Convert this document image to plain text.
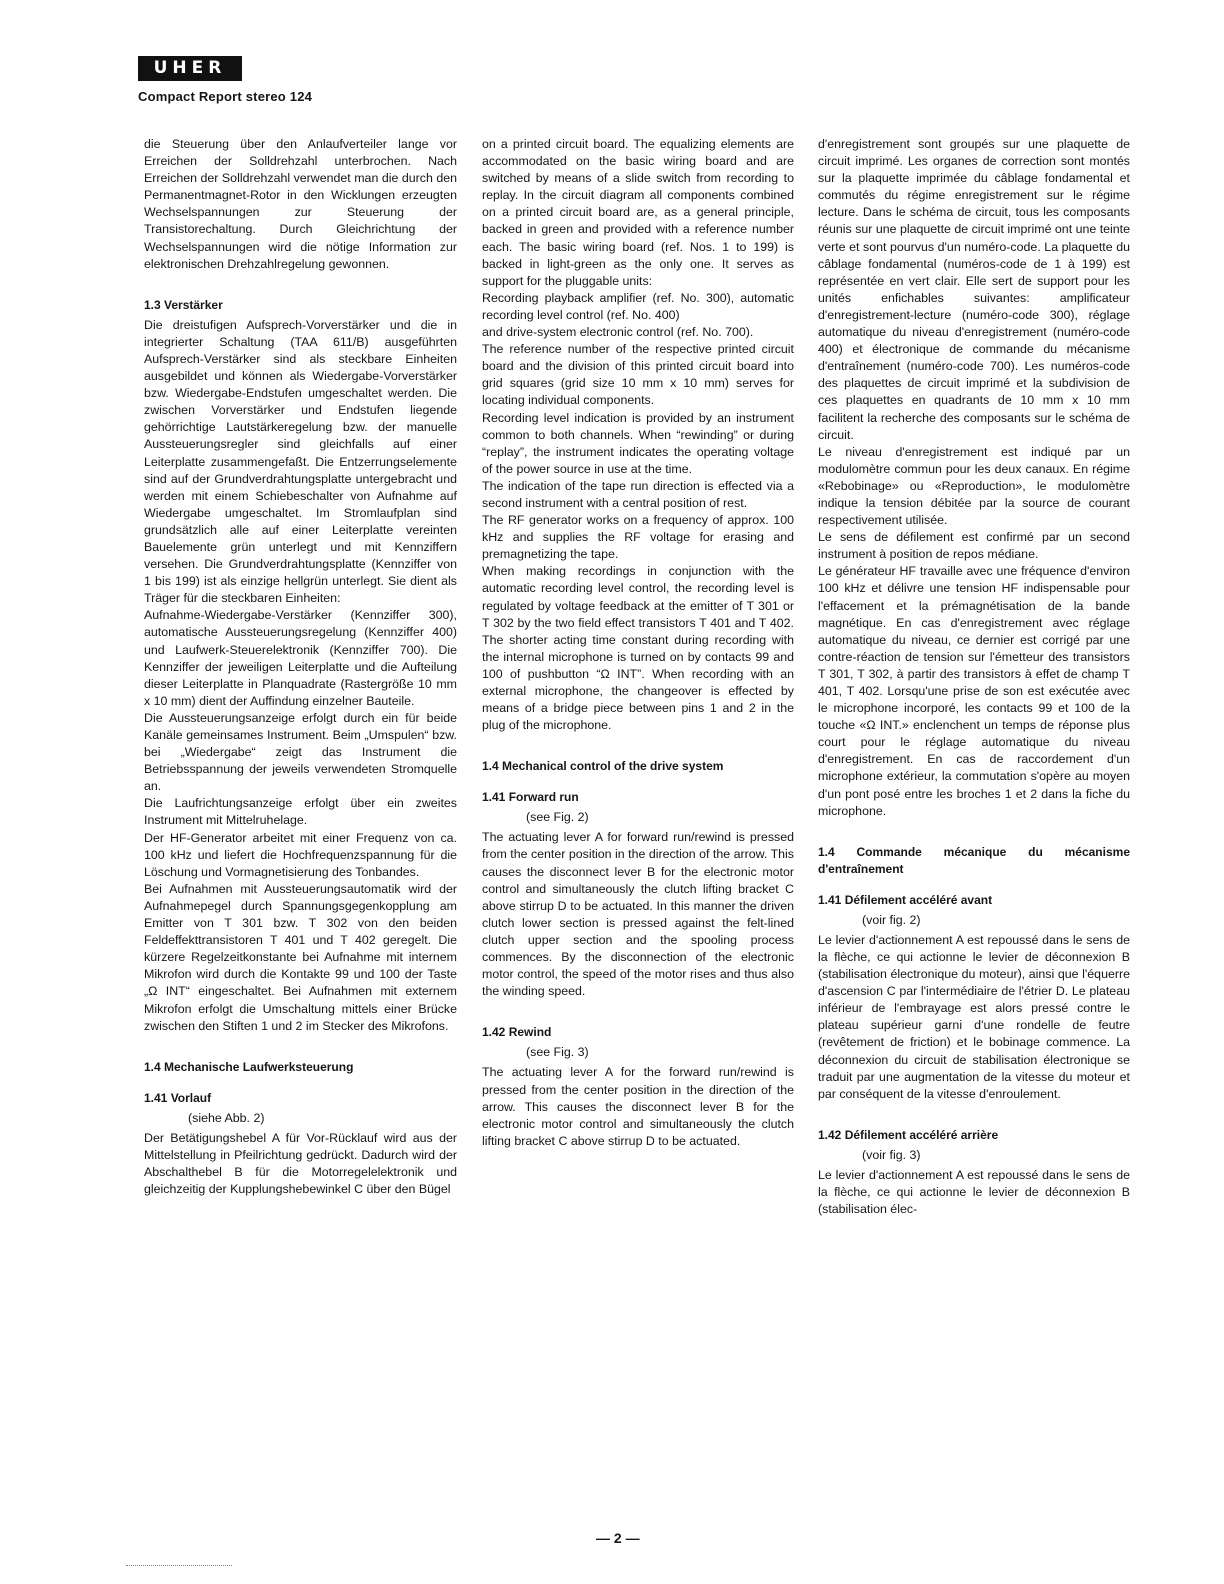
UHER
Compact Report stereo 124

die Steuerung über den Anlaufverteiler lange vor Erreichen der Solldrehzahl unterbrochen. Nach Erreichen der Solldrehzahl verwendet man die durch den Permanentmagnet-Rotor in den Wicklungen erzeugten Wechselspannungen zur Steuerung der Transistorechaltung. Durch Gleichrichtung der Wechselspannungen wird die nötige Information zur elektronischen Drehzahlregelung gewonnen.

1.3 Verstärker

Die dreistufigen Aufsprech-Vorverstärker und die in integrierter Schaltung (TAA 611/B) ausgeführten Aufsprech-Verstärker sind als steckbare Einheiten ausgebildet und können als Wiedergabe-Vorverstärker bzw. Wiedergabe-Endstufen umgeschaltet werden. Die zwischen Vorverstärker und Endstufen liegende gehörrichtige Lautstärkeregelung bzw. der manuelle Aussteuerungsregler sind gleichfalls auf einer Leiterplatte zusammengefaßt. Die Entzerrungselemente sind auf der Grundverdrahtungsplatte untergebracht und werden mit einem Schiebeschalter von Aufnahme auf Wiedergabe umgeschaltet. Im Stromlaufplan sind grundsätzlich alle auf einer Leiterplatte vereinten Bauelemente grün unterlegt und mit Kennziffern versehen. Die Grundverdrahtungsplatte (Kennziffer von 1 bis 199) ist als einzige hellgrün unterlegt. Sie dient als Träger für die steckbaren Einheiten:

Aufnahme-Wiedergabe-Verstärker (Kennziffer 300), automatische Aussteuerungsregelung (Kennziffer 400) und Laufwerk-Steuerelektronik (Kennziffer 700). Die Kennziffer der jeweiligen Leiterplatte und die Aufteilung dieser Leiterplatte in Planquadrate (Rastergröße 10 mm x 10 mm) dient der Auffindung einzelner Bauteile.

Die Aussteuerungsanzeige erfolgt durch ein für beide Kanäle gemeinsames Instrument. Beim „Umspulen“ bzw. bei „Wiedergabe“ zeigt das Instrument die Betriebsspannung der jeweils verwendeten Stromquelle an.

Die Laufrichtungsanzeige erfolgt über ein zweites Instrument mit Mittelruhelage.

Der HF-Generator arbeitet mit einer Frequenz von ca. 100 kHz und liefert die Hochfrequenzspannung für die Löschung und Vormagnetisierung des Tonbandes.

Bei Aufnahmen mit Aussteuerungsautomatik wird der Aufnahmepegel durch Spannungsgegenkopplung am Emitter von T 301 bzw. T 302 von den beiden Feldeffekttransistoren T 401 und T 402 geregelt. Die kürzere Regelzeitkonstante bei Aufnahme mit internem Mikrofon wird durch die Kontakte 99 und 100 der Taste „Ω INT“ eingeschaltet. Bei Aufnahmen mit externem Mikrofon erfolgt die Umschaltung mittels einer Brücke zwischen den Stiften 1 und 2 im Stecker des Mikrofons.

1.4 Mechanische Laufwerksteuerung
1.41 Vorlauf

(siehe Abb. 2)

Der Betätigungshebel A für Vor-Rücklauf wird aus der Mittelstellung in Pfeilrichtung gedrückt. Dadurch wird der Abschalthebel B für die Motorregelelektronik und gleichzeitig der Kupplungshebewinkel C über den Bügel

on a printed circuit board. The equalizing elements are accommodated on the basic wiring board and are switched by means of a slide switch from recording to replay. In the circuit diagram all components combined on a printed circuit board are, as a general principle, backed in green and provided with a reference number each. The basic wiring board (ref. Nos. 1 to 199) is backed in light-green as the only one. It serves as support for the pluggable units:

Recording playback amplifier (ref. No. 300), automatic recording level control (ref. No. 400)

and drive-system electronic control (ref. No. 700).

The reference number of the respective printed circuit board and the division of this printed circuit board into grid squares (grid size 10 mm x 10 mm) serves for locating individual components.

Recording level indication is provided by an instrument common to both channels. When “rewinding” or during “replay”, the instrument indicates the operating voltage of the power source in use at the time.

The indication of the tape run direction is effected via a second instrument with a central position of rest.

The RF generator works on a frequency of approx. 100 kHz and supplies the RF voltage for erasing and premagnetizing the tape.

When making recordings in conjunction with the automatic recording level control, the recording level is regulated by voltage feedback at the emitter of T 301 or T 302 by the two field effect transistors T 401 and T 402. The shorter acting time constant during recording with the internal microphone is turned on by contacts 99 and 100 of pushbutton “Ω INT”. When recording with an external microphone, the changeover is effected by means of a bridge piece between pins 1 and 2 in the plug of the microphone.

1.4 Mechanical control of the drive system
1.41 Forward run

(see Fig. 2)

The actuating lever A for forward run/rewind is pressed from the center position in the direction of the arrow. This causes the disconnect lever B for the electronic motor control and simultaneously the clutch lifting bracket C above stirrup D to be actuated. In this manner the driven clutch lower section is pressed against the felt-lined clutch upper section and the spooling process commences. By the disconnection of the electronic motor control, the speed of the motor rises and thus also the winding speed.

1.42 Rewind

(see Fig. 3)

The actuating lever A for the forward run/rewind is pressed from the center position in the direction of the arrow. This causes the disconnect lever B for the electronic motor control and simultaneously the clutch lifting bracket C above stirrup D to be actuated.

d'enregistrement sont groupés sur une plaquette de circuit imprimé. Les organes de correction sont montés sur la plaquette imprimée du câblage fondamental et commutés du régime enregistrement sur le régime lecture. Dans le schéma de circuit, tous les composants réunis sur une plaquette de circuit imprimé ont une teinte verte et sont pourvus d'un numéro-code. La plaquette du câblage fondamental (numéros-code de 1 à 199) est représentée en vert clair. Elle sert de support pour les unités enfichables suivantes: amplificateur d'enregistrement-lecture (numéro-code 300), réglage automatique du niveau d'enregistrement (numéro-code 400) et électronique de commande du mécanisme d'entraînement (numéro-code 700). Les numéros-code des plaquettes de circuit imprimé et la subdivision de ces plaquettes en quadrants de 10 mm x 10 mm facilitent la recherche des composants sur le schéma de circuit.

Le niveau d'enregistrement est indiqué par un modulomètre commun pour les deux canaux. En régime «Rebobinage» ou «Reproduction», le modulomètre indique la tension débitée par la source de courant respectivement utilisée.

Le sens de défilement est confirmé par un second instrument à position de repos médiane.

Le générateur HF travaille avec une fréquence d'environ 100 kHz et délivre une tension HF indispensable pour l'effacement et la prémagnétisation de la bande magnétique. En cas d'enregistrement avec réglage automatique du niveau, ce dernier est corrigé par une contre-réaction de tension sur l'émetteur des transistors T 301, T 302, à partir des transistors à effet de champ T 401, T 402. Lorsqu'une prise de son est exécutée avec le microphone incorporé, les contacts 99 et 100 de la touche «Ω INT.» enclenchent un temps de réponse plus court pour le réglage automatique du niveau d'enregistrement. En cas de raccordement d'un microphone extérieur, la commutation s'opère au moyen d'un pont posé entre les broches 1 et 2 dans la fiche du microphone.

1.4 Commande mécanique du mécanisme d'entraînement
1.41 Défilement accéléré avant

(voir fig. 2)

Le levier d'actionnement A est repoussé dans le sens de la flèche, ce qui actionne le levier de déconnexion B (stabilisation électronique du moteur), ainsi que l'équerre d'ascension C par l'intermédiaire de l'étrier D. Le plateau inférieur de l'embrayage est alors pressé contre le plateau supérieur garni d'une rondelle de feutre (revêtement de friction) et le bobinage commence. La déconnexion du circuit de stabilisation électronique se traduit par une augmentation de la vitesse du moteur et par conséquent de la vitesse d'enroulement.

1.42 Défilement accéléré arrière

(voir fig. 3)

Le levier d'actionnement A est repoussé dans le sens de la flèche, ce qui actionne le levier de déconnexion B (stabilisation élec-

— 2 —
